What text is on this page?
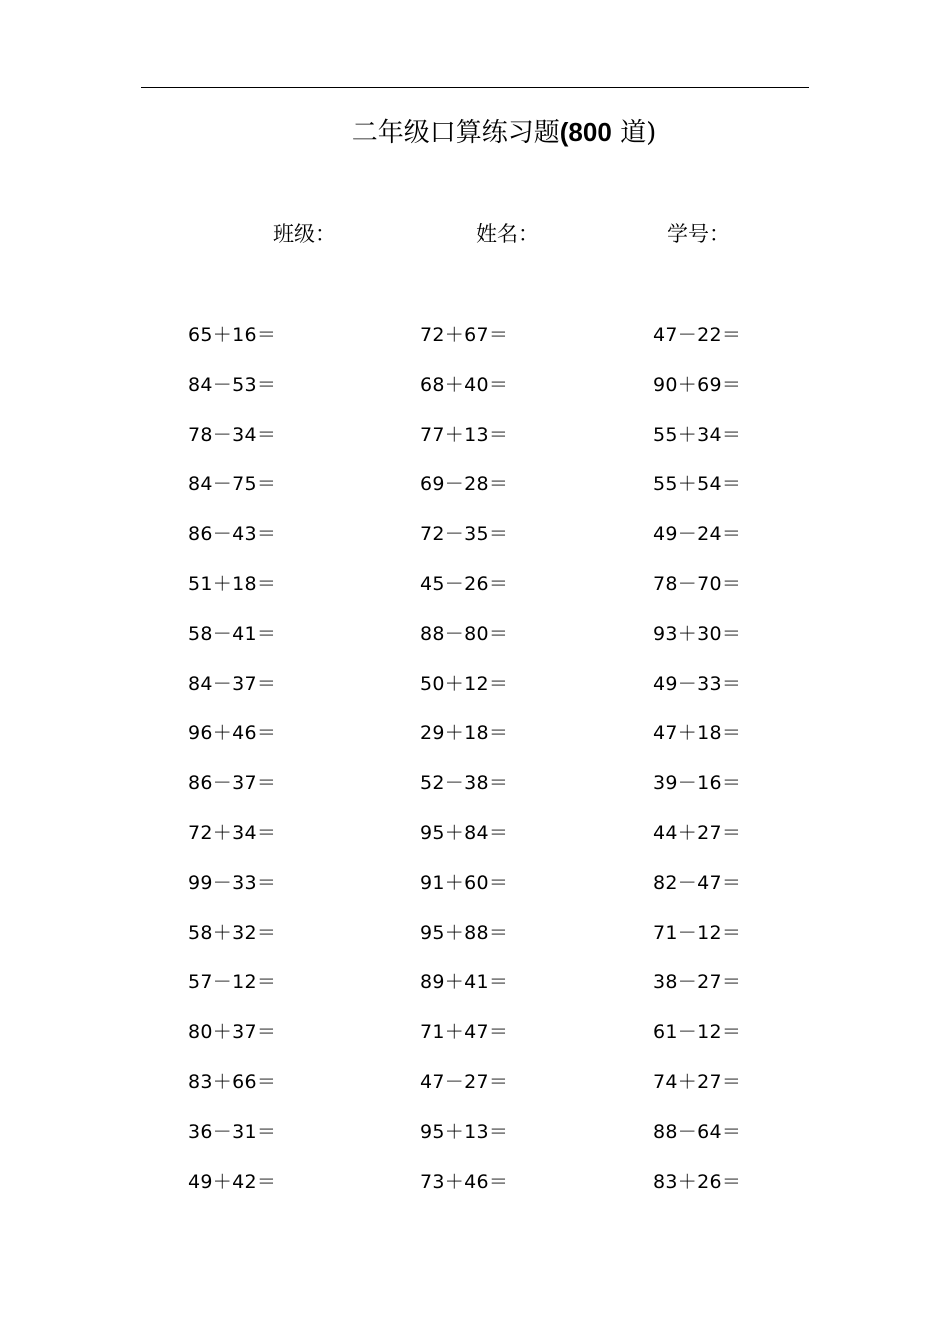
二年级口算练习题(800 道)
班级：	姓名：	学号：
65＋16＝	72＋67＝	47－22＝
84－53＝	68＋40＝	90＋69＝
78－34＝	77＋13＝	55＋34＝
84－75＝	69－28＝	55＋54＝
86－43＝	72－35＝	49－24＝
51＋18＝	45－26＝	78－70＝
58－41＝	88－80＝	93＋30＝
84－37＝	50＋12＝	49－33＝
96＋46＝	29＋18＝	47＋18＝
86－37＝	52－38＝	39－16＝
72＋34＝	95＋84＝	44＋27＝
99－33＝	91＋60＝	82－47＝
58＋32＝	95＋88＝	71－12＝
57－12＝	89＋41＝	38－27＝
80＋37＝	71＋47＝	61－12＝
83＋66＝	47－27＝	74＋27＝
36－31＝	95＋13＝	88－64＝
49＋42＝	73＋46＝	83＋26＝
